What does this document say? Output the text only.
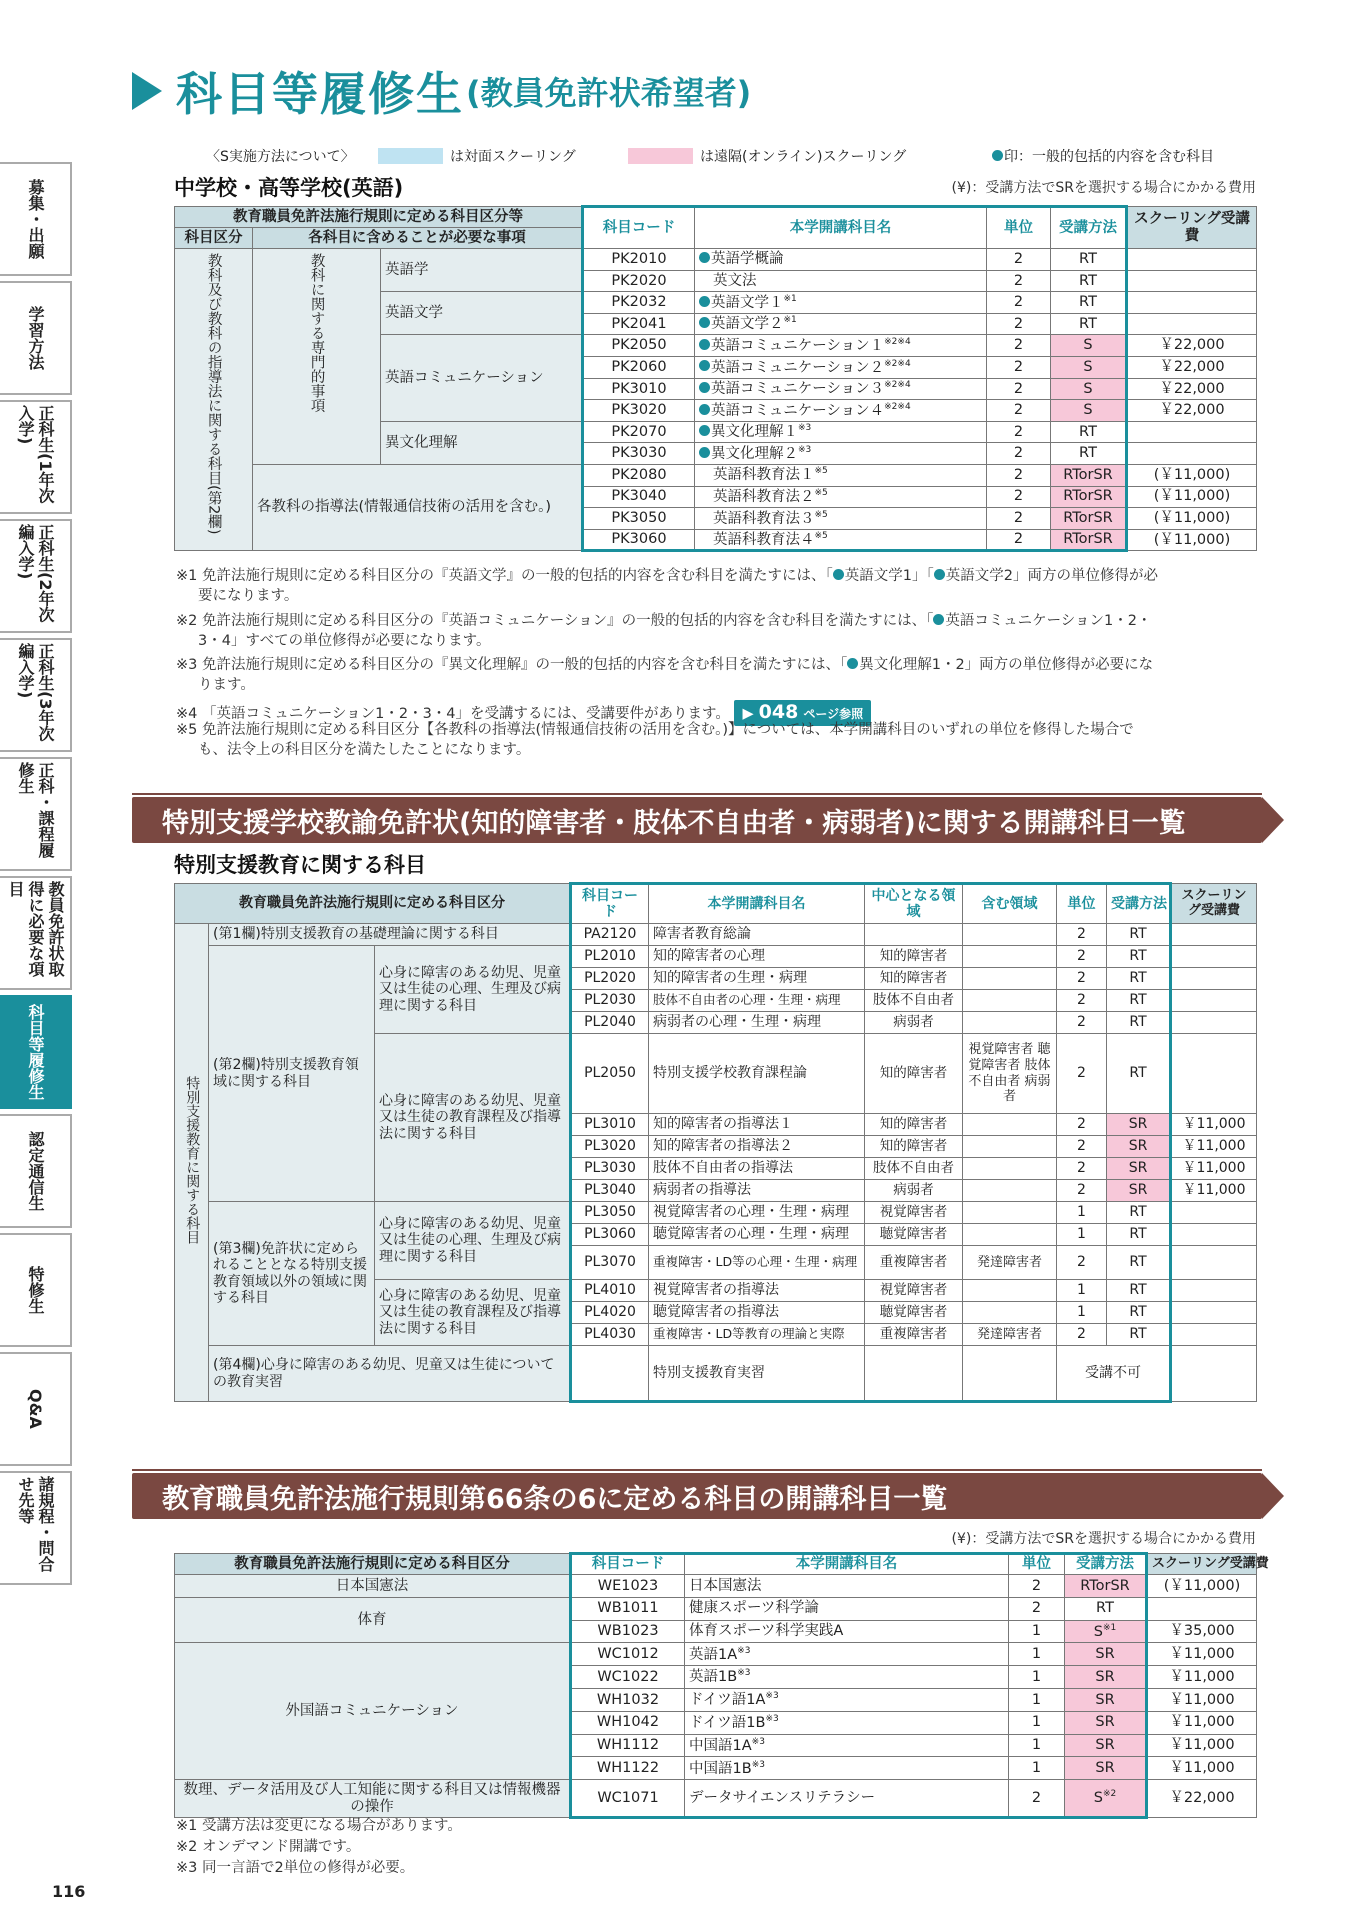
科目等履修生 (教員免許状希望者)
募集・出願
学習方法
正科生(1年次入学)
正科生(2年次編入学)
正科生(3年次編入学)
正科・課程履修生
教員免許状取得に必要な項目
科目等履修生
認定通信生
特修生
Q&A
諸規程・問合せ先等
〈S実施方法について〉	は対面スクーリング	は遠隔(オンライン)スクーリング	印：一般的包括的内容を含む科目
中学校・高等学校(英語)	(¥)：受講方法でSRを選択する場合にかかる費用
教育職員免許法施行規則に定める科目区分等			科目コード	本学開講科目名	単位	受講方法	スクーリング受講費
科目区分	各科目に含めることが必要な事項						
教科及び教科の指導法に関する科目(第2欄)	教科に関する専門的事項	英語学	PK2010	英語学概論	2	RT	
			PK2020	英文法	2	RT	
		英語文学	PK2032	英語文学１$^{※1}$	2	RT	
			PK2041	英語文学２$^{※1}$	2	RT	
		英語コミュニケーション	PK2050	英語コミュニケーション$1^{※2※4}$	2	S	￥22,000
			PK2060	英語コミュニケーション$2^{※2※4}$	2	S	￥22,000
			PK3010	英語コミュニケーション$3^{※2※4}$	2	S	￥22,000
			PK3020	英語コミュニケーション$4^{※2※4}$	2	S	￥22,000
		異文化理解	PK2070	異文化理解１$^{※3}$	2	RT	
			PK3030	異文化理解２$^{※3}$	2	RT	
	各教科の指導法(情報通信技術の活用を含む。)		PK2080	英語科教育法１$^{※5}$	2	RTorSR	(￥11,000)
			PK3040	英語科教育法２$^{※5}$	2	RTorSR	(￥11,000)
			PK3050	英語科教育法３$^{※5}$	2	RTorSR	(￥11,000)
			PK3060	英語科教育法４$^{※5}$	2	RTorSR	(￥11,000)
※1 免許法施行規則に定める科目区分の『英語文学』の一般的包括的内容を含む科目を満たすには、「 英語文学1」「 英語文学2」両方の単位修得が必
要になります。
※2 免許法施行規則に定める科目区分の『英語コミュニケーション』の一般的包括的内容を含む科目を満たすには、「 英語コミュニケーション1・2・
3・4」すべての単位修得が必要になります。
※3 免許法施行規則に定める科目区分の『異文化理解』の一般的包括的内容を含む科目を満たすには、「 異文化理解1・2」両方の単位修得が必要にな
ります。
※4 「英語コミュニケーション1・2・3・4」を受講するには、受講要件があります。 ▶ 048 ページ参照
※5 免許法施行規則に定める科目区分【各教科の指導法(情報通信技術の活用を含む。)】については、本学開講科目のいずれの単位を修得した場合で
も、法令上の科目区分を満たしたことになります。
特別支援学校教諭免許状(知的障害者・肢体不自由者・病弱者)に関する開講科目一覧
特別支援教育に関する科目
教育職員免許法施行規則に定める科目区分			科目コード	本学開講科目名	中心となる領域	含む領域	単位	受講方法	スクーリング受講費
特別支援教育に関する科目	(第1欄)特別支援教育の基礎理論に関する科目		PA2120	障害者教育総論			2	RT	
	(第2欄)特別支援教育領域に関する科目	心身に障害のある幼児、児童又は生徒の心理、生理及び病理に関する科目	PL2010	知的障害者の心理	知的障害者		2	RT	
			PL2020	知的障害者の生理・病理	知的障害者		2	RT	
			PL2030	肢体不自由者の心理・生理・病理	肢体不自由者		2	RT	
			PL2040	病弱者の心理・生理・病理	病弱者		2	RT	
		心身に障害のある幼児、児童又は生徒の教育課程及び指導法に関する科目	PL2050	特別支援学校教育課程論	知的障害者	視覚障害者 聴覚障害者 肢体不自由者 病弱者	2	RT	
			PL3010	知的障害者の指導法１	知的障害者		2	SR	￥11,000
			PL3020	知的障害者の指導法２	知的障害者		2	SR	￥11,000
			PL3030	肢体不自由者の指導法	肢体不自由者		2	SR	￥11,000
			PL3040	病弱者の指導法	病弱者		2	SR	￥11,000
	(第3欄)免許状に定められることとなる特別支援教育領域以外の領域に関する科目	心身に障害のある幼児、児童又は生徒の心理、生理及び病理に関する科目	PL3050	視覚障害者の心理・生理・病理	視覚障害者		1	RT	
			PL3060	聴覚障害者の心理・生理・病理	聴覚障害者		1	RT	
			PL3070	重複障害・LD等の心理・生理・病理	重複障害者	発達障害者	2	RT	
		心身に障害のある幼児、児童又は生徒の教育課程及び指導法に関する科目	PL4010	視覚障害者の指導法	視覚障害者		1	RT	
			PL4020	聴覚障害者の指導法	聴覚障害者		1	RT	
			PL4030	重複障害・LD等教育の理論と実際	重複障害者	発達障害者	2	RT	
	(第4欄)心身に障害のある幼児、児童又は生徒についての教育実習			特別支援教育実習			受講不可		
教育職員免許法施行規則第66条の6に定める科目の開講科目一覧
(¥)：受講方法でSRを選択する場合にかかる費用
教育職員免許法施行規則に定める科目区分	科目コード	本学開講科目名	単位	受講方法	スクーリング受講費
日本国憲法	WE1023	日本国憲法	2	RTorSR	(￥11,000)
体育	WB1011	健康スポーツ科学論	2	RT	
	WB1023	体育スポーツ科学実践A	1	$S^{※1}$	￥35,000
外国語コミュニケーション	WC1012	英語$1A^{※3}$	1	SR	￥11,000
	WC1022	英語$1B^{※3}$	1	SR	￥11,000
	WH1032	ドイツ語$1A^{※3}$	1	SR	￥11,000
	WH1042	ドイツ語$1B^{※3}$	1	SR	￥11,000
	WH1112	中国語$1A^{※3}$	1	SR	￥11,000
	WH1122	中国語$1B^{※3}$	1	SR	￥11,000
数理、データ活用及び人工知能に関する科目又は情報機器の操作	WC1071	データサイエンスリテラシー	2	$S^{※2}$	￥22,000
※1 受講方法は変更になる場合があります。
※2 オンデマンド開講です。
※3 同一言語で2単位の修得が必要。
116
